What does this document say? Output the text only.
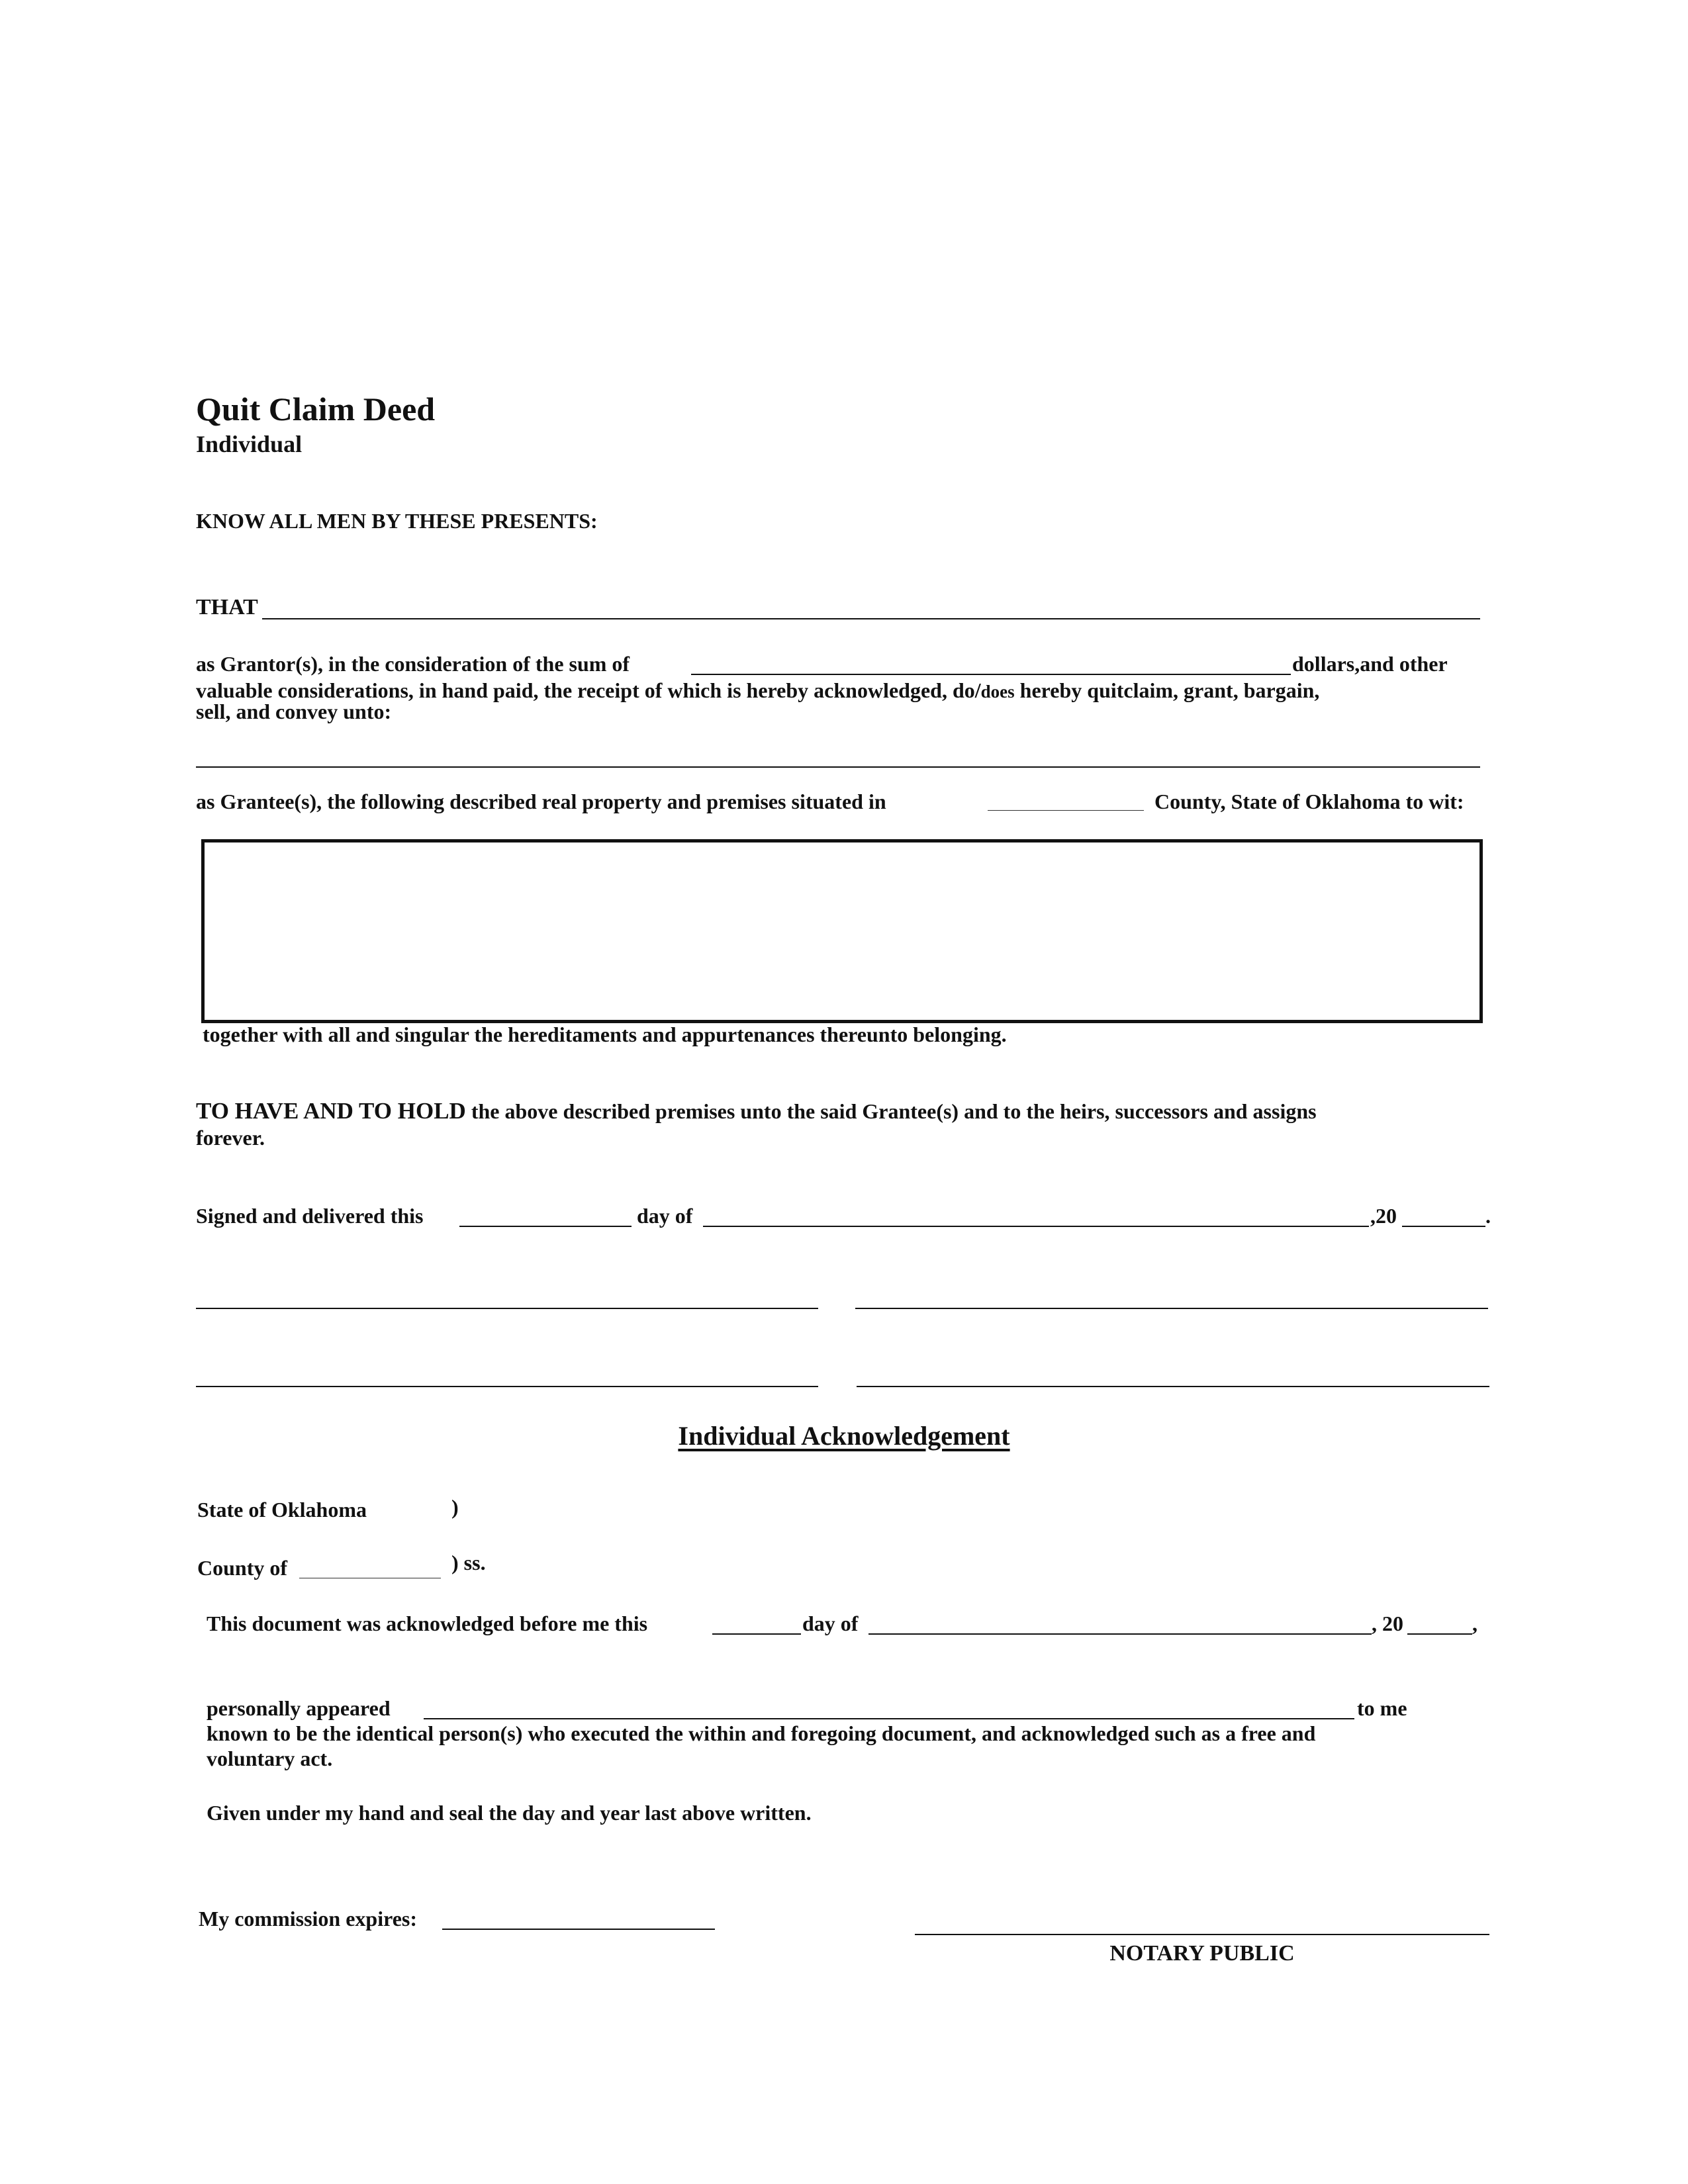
Quit Claim Deed
Individual
KNOW ALL MEN BY THESE PRESENTS:
THAT
as Grantor(s), in the consideration of the sum of	dollars,and other
valuable considerations, in hand paid, the receipt of which is hereby acknowledged, do/does hereby quitclaim, grant, bargain,
sell, and convey unto:
as Grantee(s), the following described real property and premises situated in	County, State of Oklahoma to wit:
together with all and singular the hereditaments and appurtenances thereunto belonging.
TO HAVE AND TO HOLD the above described premises unto the said Grantee(s) and to the heirs, successors and assigns
forever.
Signed and delivered this	day of	,20	.
Individual Acknowledgement
State of Oklahoma	)
County of	) ss.
This document was acknowledged before me this	day of	, 20	,
personally appeared	to me
known to be the identical person(s) who executed the within and foregoing document, and acknowledged such as a free and
voluntary act.
Given under my hand and seal the day and year last above written.
My commission expires:
NOTARY PUBLIC
